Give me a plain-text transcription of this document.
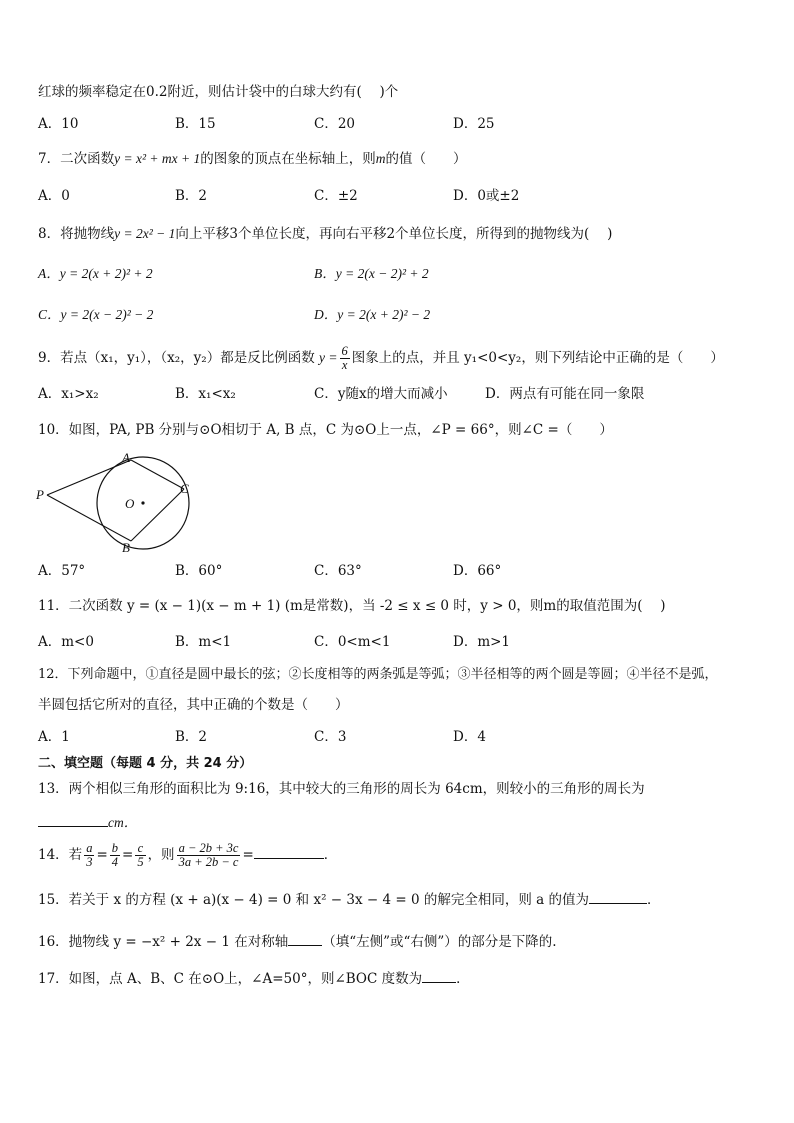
红球的频率稳定在0.2附近，则估计袋中的白球大约有(　 )个
A．10	B．15	C．20	D．25
7．二次函数y = x² + mx + 1的图象的顶点在坐标轴上，则m的值（　　）
A．0	B．2	C．±2	D．0或±2
8．将抛物线y = 2x² − 1向上平移3个单位长度，再向右平移2个单位长度，所得到的抛物线为(　 )
A．y = 2(x + 2)² + 2	B．y = 2(x − 2)² + 2
C．y = 2(x − 2)² − 2	D．y = 2(x + 2)² − 2
9．若点（x₁，y₁），（x₂，y₂）都是反比例函数 $y = \frac{6}{x}$ 图象上的点，并且 y₁<0<y₂，则下列结论中正确的是（　　）
A．x₁>x₂	B．x₁<x₂	C．y随x的增大而减小	D．两点有可能在同一象限
10．如图，PA, PB 分别与⊙O相切于 A, B 点，C 为⊙O上一点，∠P = 66°，则∠C =（　　）
P
A
B
C
O
A．57°	B．60°	C．63°	D．66°
11．二次函数 y = (x − 1)(x − m + 1) (m是常数)，当 -2 ≤ x ≤ 0 时，y > 0，则m的取值范围为(　 )
A．m<0	B．m<1	C．0<m<1	D．m>1
12．下列命题中，①直径是圆中最长的弦；②长度相等的两条弧是等弧；③半径相等的两个圆是等圆；④半径不是弧，
半圆包括它所对的直径，其中正确的个数是（　　）
A．1	B．2	C．3	D．4
二、填空题（每题 4 分，共 24 分）
13．两个相似三角形的面积比为 9:16，其中较大的三角形的周长为 64cm，则较小的三角形的周长为
cm．
14．若 $\frac{a}{3} = \frac{b}{4} = \frac{c}{5}$ ，则 $\frac{a - 2b + 3c}{3a + 2b - c}$ =	．
15．若关于 x 的方程 (x + a)(x − 4) = 0 和 x² − 3x − 4 = 0 的解完全相同，则 a 的值为	．
16．抛物线 y = −x² + 2x − 1 在对称轴	（填“左侧”或“右侧”）的部分是下降的.
17．如图，点 A、B、C 在⊙O上，∠A=50°，则∠BOC 度数为	．
